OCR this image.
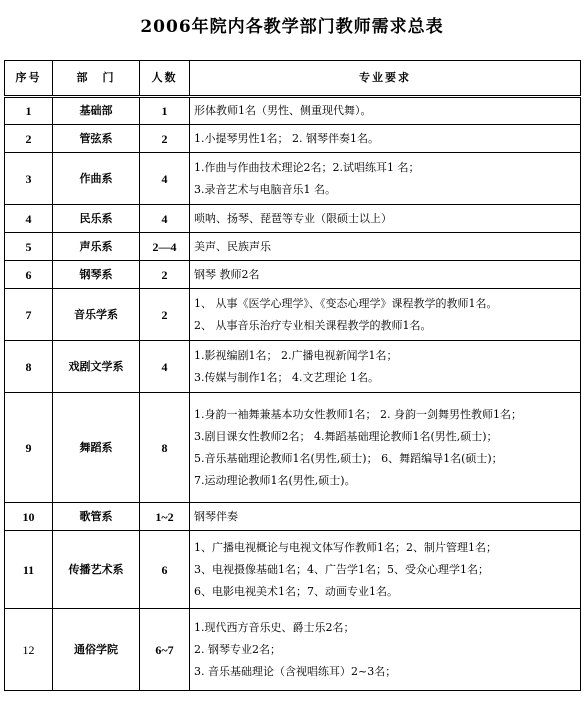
2006年院内各教学部门教师需求总表
序号	部　门	人数	专业要求
1	基础部	1	形体教师1名（男性、侧重现代舞）。

2	管弦系	2	1.小提琴男性1名； 2. 钢琴伴奏1名。

3	作曲系	4	1.作曲与作曲技术理论2名；2.试唱练耳1 名；
3.录音艺术与电脑音乐1 名。

4	民乐系	4	唢呐、扬琴、琵琶等专业（限硕士以上）

5	声乐系	2—4	美声、民族声乐

6	钢琴系	2	钢琴 教师2名

7	音乐学系	2	1、 从事《医学心理学》、《变态心理学》课程教学的教师1名。
2、 从事音乐治疗专业相关课程教学的教师1名。

8	戏剧文学系	4	1.影视编剧1名； 2.广播电视新闻学1名；
3.传媒与制作1名； 4.文艺理论 1名。

9	舞蹈系	8	1.身韵一袖舞兼基本功女性教师1名； 2. 身韵一剑舞男性教师1名；
3.剧目课女性教师2名； 4.舞蹈基础理论教师1名(男性,硕士)；
5.音乐基础理论教师1名(男性,硕士)； 6、舞蹈编导1名(硕士)；
7.运动理论教师1名(男性,硕士)。

10	歌管系	1~2	钢琴伴奏

11	传播艺术系	6	1、广播电视概论与电视文体写作教师1名；2、制片管理1名；
3、电视摄像基础1名；4、广告学1名；5、受众心理学1名；
6、电影电视美术1名；7、动画专业1名。

12	通俗学院	6~7	1.现代西方音乐史、爵士乐2名；
2. 钢琴专业2名；
3. 音乐基础理论（含视唱练耳）2~3名；
